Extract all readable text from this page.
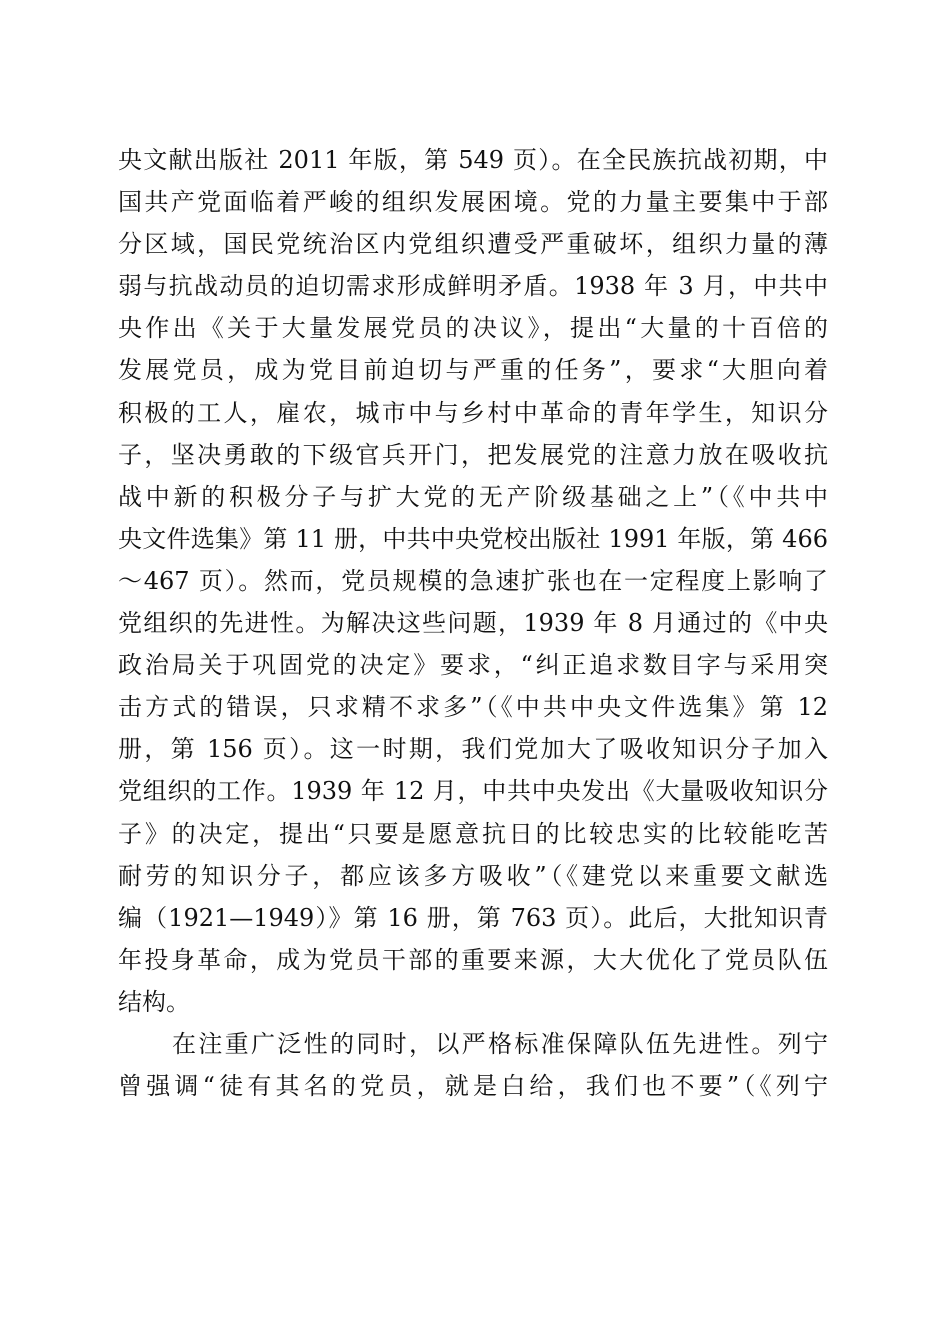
央文献出版社 2011 年版，第 549 页）。在全民族抗战初期，中
国共产党面临着严峻的组织发展困境。党的力量主要集中于部
分区域，国民党统治区内党组织遭受严重破坏，组织力量的薄
弱与抗战动员的迫切需求形成鲜明矛盾。1938 年 3 月，中共中
央作出《关于大量发展党员的决议》，提出“大量的十百倍的
发展党员，成为党目前迫切与严重的任务”，要求“大胆向着
积极的工人，雇农，城市中与乡村中革命的青年学生，知识分
子，坚决勇敢的下级官兵开门，把发展党的注意力放在吸收抗
战中新的积极分子与扩大党的无产阶级基础之上”（《中共中
央文件选集》第 11 册，中共中央党校出版社 1991 年版，第 466
～467 页）。然而，党员规模的急速扩张也在一定程度上影响了
党组织的先进性。为解决这些问题，1939 年 8 月通过的《中央
政治局关于巩固党的决定》要求，“纠正追求数目字与采用突
击方式的错误，只求精不求多”（《中共中央文件选集》第 12
册，第 156 页）。这一时期，我们党加大了吸收知识分子加入
党组织的工作。1939 年 12 月，中共中央发出《大量吸收知识分
子》的决定，提出“只要是愿意抗日的比较忠实的比较能吃苦
耐劳的知识分子，都应该多方吸收”（《建党以来重要文献选
编（1921—1949）》第 16 册，第 763 页）。此后，大批知识青
年投身革命，成为党员干部的重要来源，大大优化了党员队伍
结构。
在注重广泛性的同时，以严格标准保障队伍先进性。列宁
曾强调“徒有其名的党员，就是白给，我们也不要”（《列宁
